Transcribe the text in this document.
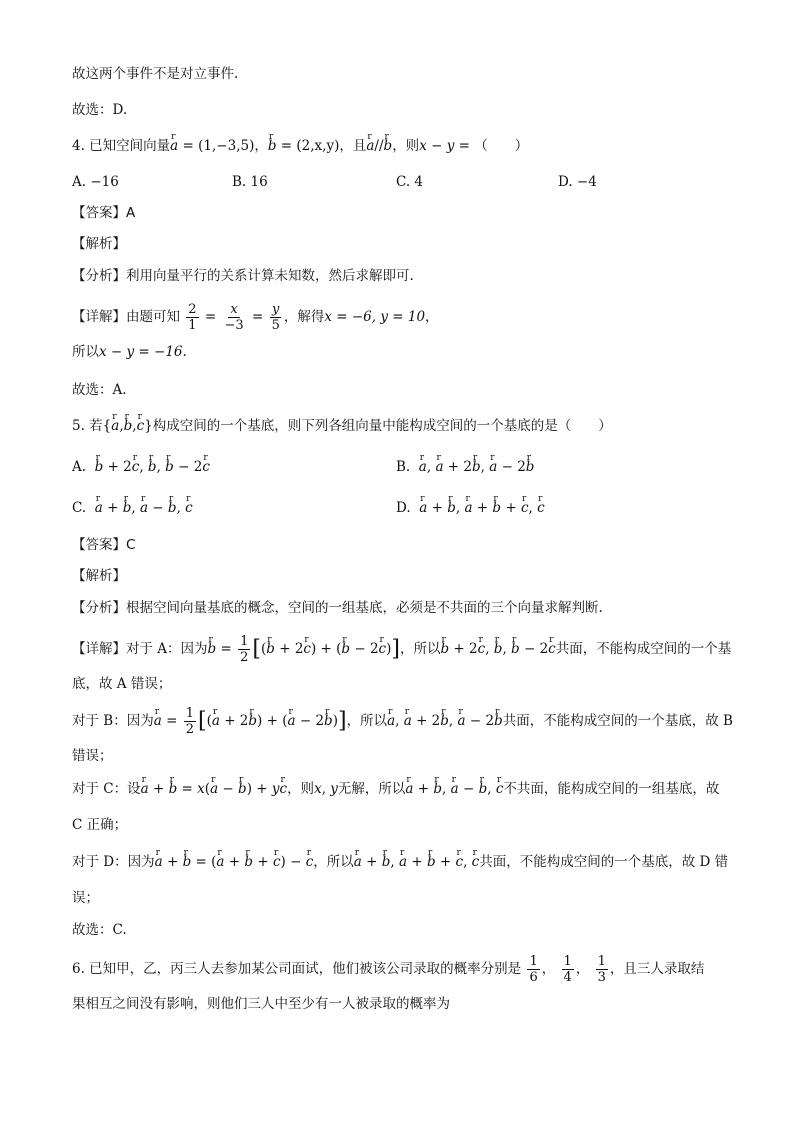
故这两个事件不是对立事件.
故选：D.
4. 已知空间向量r a = (1,−3,5)，r b = (2,x,y)，且r a//r b，则x − y = （　　）
A. −16	B. 16	C. 4	D. −4
【答案】A
【解析】
【分析】利用向量平行的关系计算未知数，然后求解即可.
【详解】由题可知 $\frac{2}{1} = \frac{x}{-3} = \frac{y}{5}$ ，解得x = −6, y = 10，
所以x − y = −16.
故选：A.
5. 若{r a,r b,r c}构成空间的一个基底，则下列各组向量中能构成空间的一个基底的是（　　）
A.  r b + 2r c, r b, r b − 2r c	B.  r a, r a + 2r b, r a − 2r b
C.  r a + r b, r a − r b, r c	D.  r a + r b, r a + r b + r c, r c
【答案】C
【解析】
【分析】根据空间向量基底的概念，空间的一组基底，必须是不共面的三个向量求解判断.
【详解】对于 A：因为r $b = \frac{1}{2} [(r$ b + 2r c) + (r b − 2r c)]，所以r b + 2r c, r b, r b − 2r c共面，不能构成空间的一个基
底，故 A 错误；
对于 B：因为r $a = \frac{1}{2} [(r$ a + 2r b) + (r a − 2r b)]，所以r a, r a + 2r b, r a − 2r b共面，不能构成空间的一个基底，故 B
错误；
对于 C：设r a + r b = x(r a − r b) + yr c，则x, y无解，所以r a + r b, r a − r b, r c不共面，能构成空间的一组基底，故
C 正确；
对于 D：因为r a + r b = (r a + r b + r c) − r c，所以r a + r b, r a + r b + r c, r c共面，不能构成空间的一个基底，故 D 错
误；
故选：C.
6. 已知甲，乙，丙三人去参加某公司面试，他们被该公司录取的概率分别是 $\frac{1}{6}$ ， $\frac{1}{4}$ ， $\frac{1}{3}$ ，且三人录取结
果相互之间没有影响，则他们三人中至少有一人被录取的概率为
